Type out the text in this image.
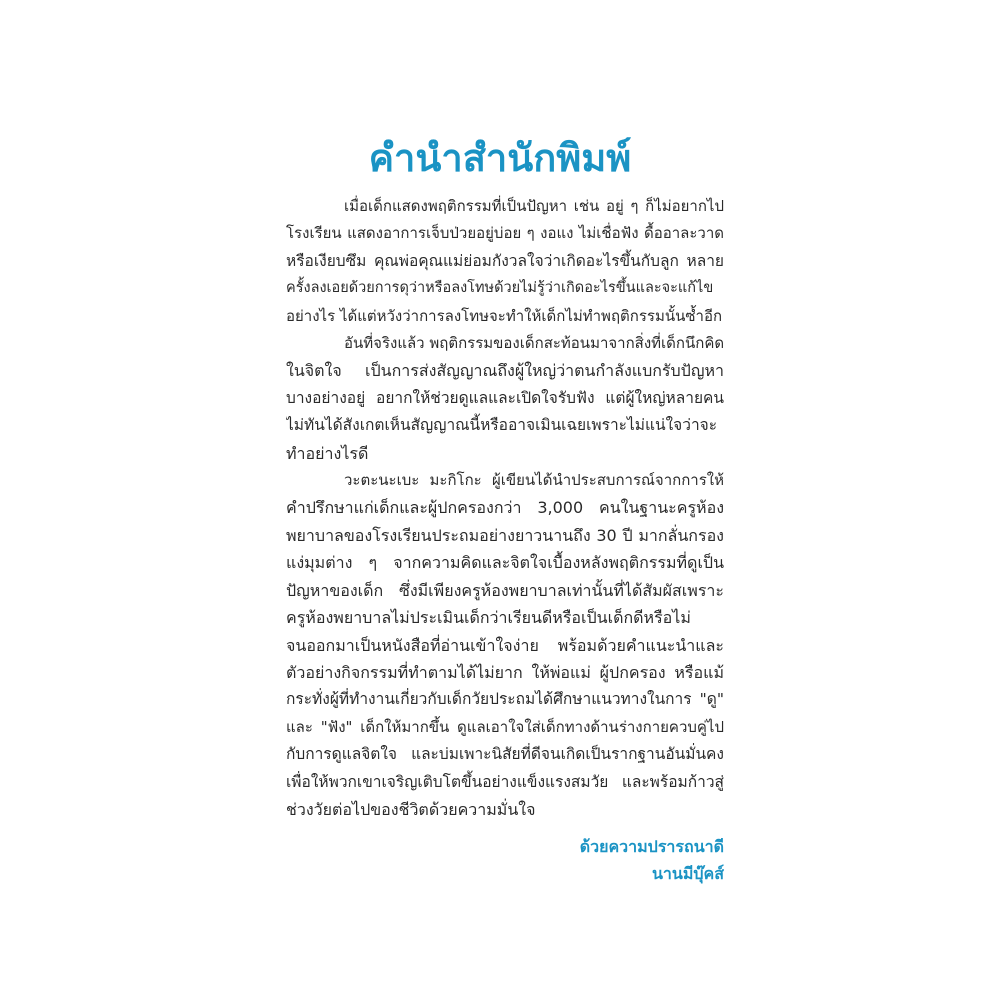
คำนำสำนักพิมพ์
เมื่อเด็กแสดงพฤติกรรมที่เป็นปัญหา เช่น อยู่ ๆ ก็ไม่อยากไป
โรงเรียน แสดงอาการเจ็บป่วยอยู่บ่อย ๆ งอแง ไม่เชื่อฟัง ดื้ออาละวาด
หรือเงียบซึม คุณพ่อคุณแม่ย่อมกังวลใจว่าเกิดอะไรขึ้นกับลูก หลาย
ครั้งลงเอยด้วยการดุว่าหรือลงโทษด้วยไม่รู้ว่าเกิดอะไรขึ้นและจะแก้ไข
อย่างไร ได้แต่หวังว่าการลงโทษจะทำให้เด็กไม่ทำพฤติกรรมนั้นซ้ำอีก
อันที่จริงแล้ว พฤติกรรมของเด็กสะท้อนมาจากสิ่งที่เด็กนึกคิด
ในจิตใจ เป็นการส่งสัญญาณถึงผู้ใหญ่ว่าตนกำลังแบกรับปัญหา
บางอย่างอยู่ อยากให้ช่วยดูแลและเปิดใจรับฟัง แต่ผู้ใหญ่หลายคน
ไม่ทันได้สังเกตเห็นสัญญาณนี้หรืออาจเมินเฉยเพราะไม่แน่ใจว่าจะ
ทำอย่างไรดี
วะตะนะเบะ มะกิโกะ ผู้เขียนได้นำประสบการณ์จากการให้
คำปรึกษาแก่เด็กและผู้ปกครองกว่า 3,000 คนในฐานะครูห้อง
พยาบาลของโรงเรียนประถมอย่างยาวนานถึง 30 ปี มากลั่นกรอง
แง่มุมต่าง ๆ จากความคิดและจิตใจเบื้องหลังพฤติกรรมที่ดูเป็น
ปัญหาของเด็ก ซึ่งมีเพียงครูห้องพยาบาลเท่านั้นที่ได้สัมผัสเพราะ
ครูห้องพยาบาลไม่ประเมินเด็กว่าเรียนดีหรือเป็นเด็กดีหรือไม่
จนออกมาเป็นหนังสือที่อ่านเข้าใจง่าย พร้อมด้วยคำแนะนำและ
ตัวอย่างกิจกรรมที่ทำตามได้ไม่ยาก ให้พ่อแม่ ผู้ปกครอง หรือแม้
กระทั่งผู้ที่ทำงานเกี่ยวกับเด็กวัยประถมได้ศึกษาแนวทางในการ "ดู"
และ "ฟัง" เด็กให้มากขึ้น ดูแลเอาใจใส่เด็กทางด้านร่างกายควบคู่ไป
กับการดูแลจิตใจ และบ่มเพาะนิสัยที่ดีจนเกิดเป็นรากฐานอันมั่นคง
เพื่อให้พวกเขาเจริญเติบโตขึ้นอย่างแข็งแรงสมวัย และพร้อมก้าวสู่
ช่วงวัยต่อไปของชีวิตด้วยความมั่นใจ
ด้วยความปรารถนาดี
นานมีบุ๊คส์
